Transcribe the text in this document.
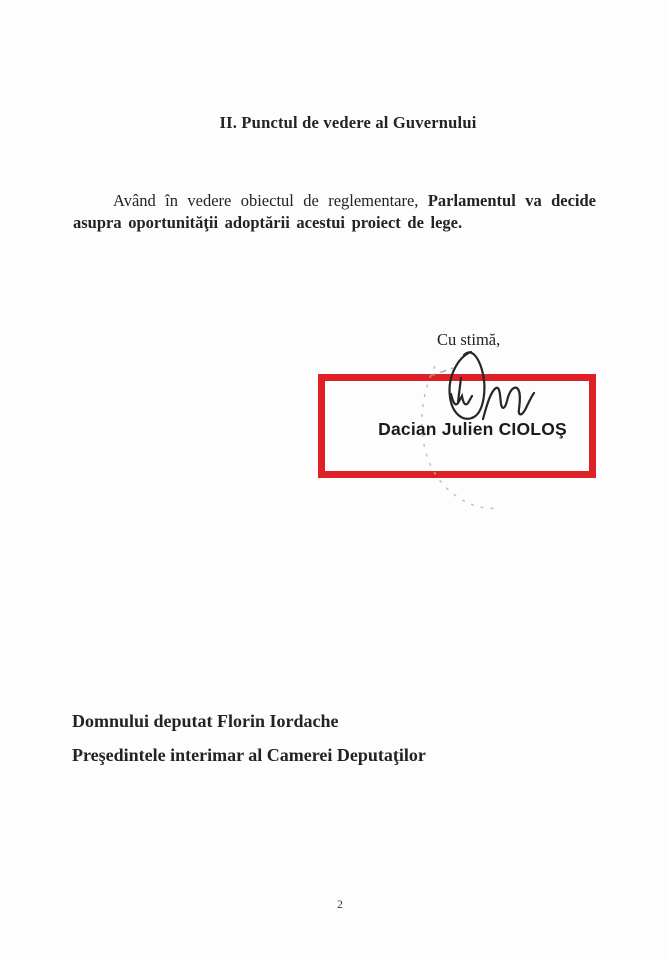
II. Punctul de vedere al Guvernului

Având în vedere obiectul de reglementare, Parlamentul va decide asupra oportunităţii adoptării acestui proiect de lege.

Cu stimă,
Dacian Julien CIOLOŞ
Domnului deputat Florin Iordache
Preşedintele interimar al Camerei Deputaţilor
2
